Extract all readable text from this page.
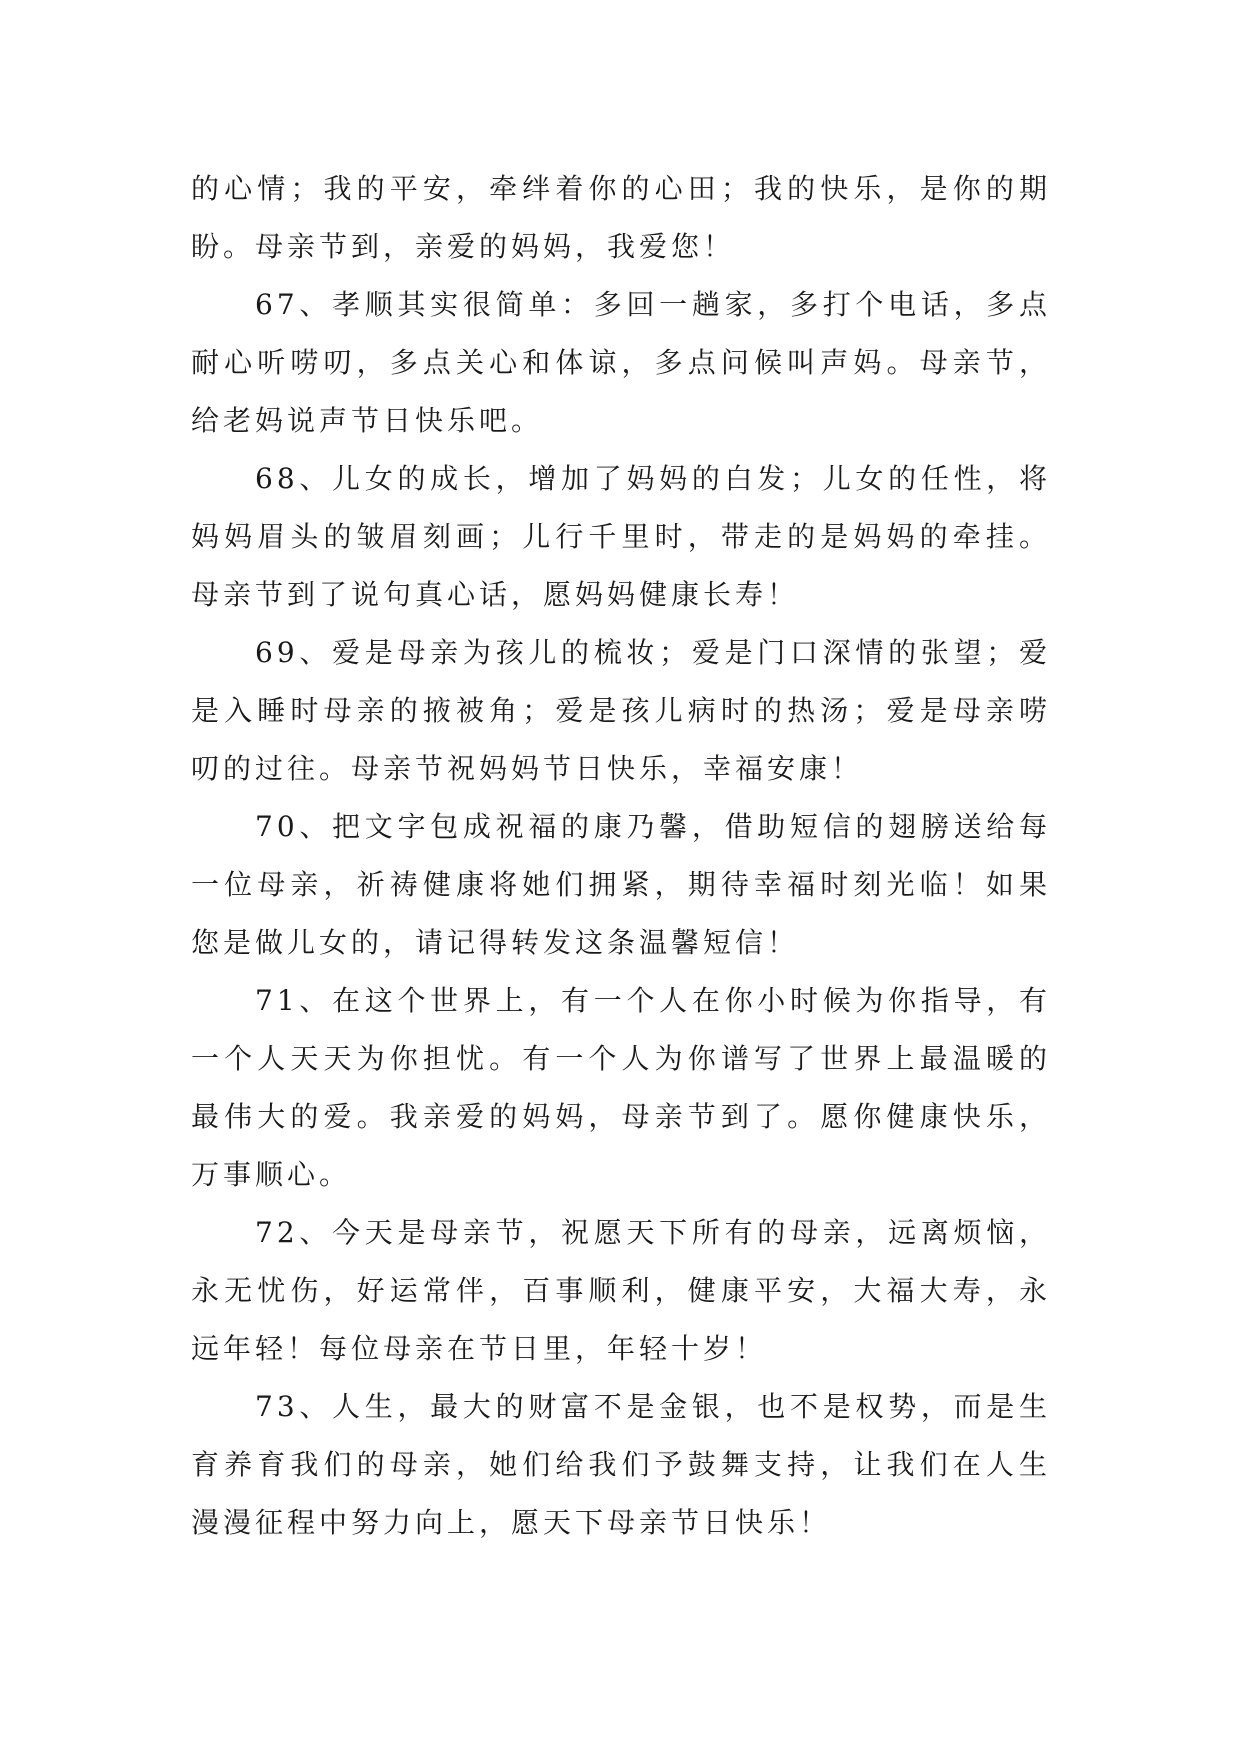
的心情；我的平安，牵绊着你的心田；我的快乐，是你的期盼。母亲节到，亲爱的妈妈，我爱您！

67、孝顺其实很简单：多回一趟家，多打个电话，多点耐心听唠叨，多点关心和体谅，多点问候叫声妈。母亲节，给老妈说声节日快乐吧。

68、儿女的成长，增加了妈妈的白发；儿女的任性，将妈妈眉头的皱眉刻画；儿行千里时，带走的是妈妈的牵挂。母亲节到了说句真心话，愿妈妈健康长寿！

69、爱是母亲为孩儿的梳妆；爱是门口深情的张望；爱是入睡时母亲的掖被角；爱是孩儿病时的热汤；爱是母亲唠叨的过往。母亲节祝妈妈节日快乐，幸福安康！

70、把文字包成祝福的康乃馨，借助短信的翅膀送给每一位母亲，祈祷健康将她们拥紧，期待幸福时刻光临！如果您是做儿女的，请记得转发这条温馨短信！

71、在这个世界上，有一个人在你小时候为你指导，有一个人天天为你担忧。有一个人为你谱写了世界上最温暖的最伟大的爱。我亲爱的妈妈，母亲节到了。愿你健康快乐，万事顺心。

72、今天是母亲节，祝愿天下所有的母亲，远离烦恼，永无忧伤，好运常伴，百事顺利，健康平安，大福大寿，永远年轻！每位母亲在节日里，年轻十岁！

73、人生，最大的财富不是金银，也不是权势，而是生育养育我们的母亲，她们给我们予鼓舞支持，让我们在人生漫漫征程中努力向上，愿天下母亲节日快乐！
